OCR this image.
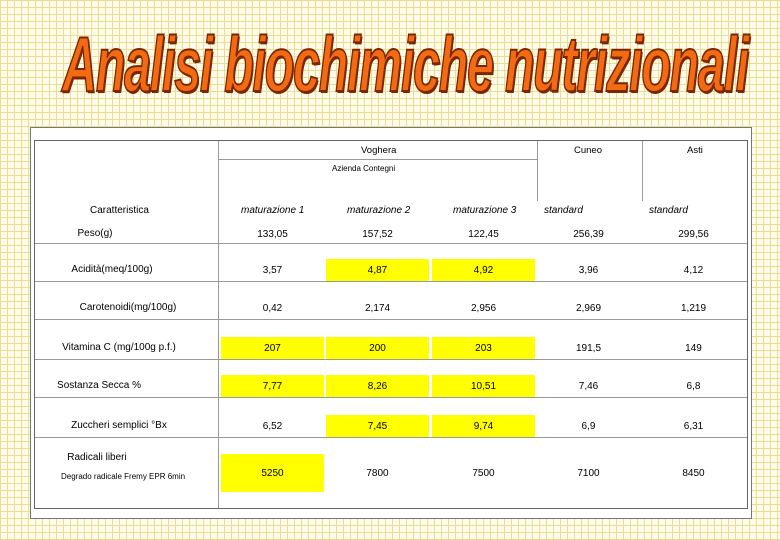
Analisi biochimiche nutrizionali
Voghera	Cuneo	Asti
Azienda Contegni
Caratteristica	maturazione 1	maturazione 2	maturazione 3	standard	standard
Peso(g)	133,05	157,52	122,45	256,39	299,56
Acidità(meq/100g)	3,57	4,87	4,92	3,96	4,12
Carotenoidi(mg/100g)	0,42	2,174	2,956	2,969	1,219
Vitamina C (mg/100g p.f.)	207	200	203	191,5	149
Sostanza Secca %	7,77	8,26	10,51	7,46	6,8
Zuccheri semplici °Bx	6,52	7,45	9,74	6,9	6,31
Radicali liberi
Degrado radicale Fremy EPR 6min	5250	7800	7500	7100	8450
